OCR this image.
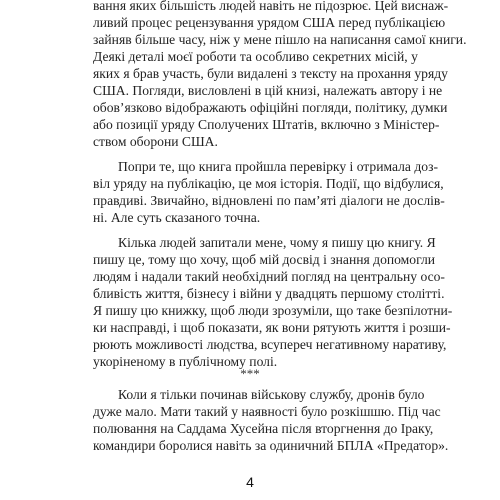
вання яких більшість людей навіть не підозрює. Цей виснаж-
ливий процес рецензування урядом США перед публікацією
зайняв більше часу, ніж у мене пішло на написання самої книги.
Деякі деталі моєї роботи та особливо секретних місій, у
яких я брав участь, були видалені з тексту на прохання уряду
США. Погляди, висловлені в цій книзі, належать автору і не
обов’язково відображають офіційні погляди, політику, думки
або позиції уряду Сполучених Штатів, включно з Міністер-
ством оборони США.
Попри те, що книга пройшла перевірку і отримала доз-
віл уряду на публікацію, це моя історія. Події, що відбулися,
правдиві. Звичайно, відновлені по пам’яті діалоги не дослів-
ні. Але суть сказаного точна.
Кілька людей запитали мене, чому я пишу цю книгу. Я
пишу це, тому що хочу, щоб мій досвід і знання допомогли
людям і надали такий необхідний погляд на центральну осо-
бливість життя, бізнесу і війни у двадцять першому столітті.
Я пишу цю книжку, щоб люди зрозуміли, що таке безпілотни-
ки насправді, і щоб показати, як вони рятують життя і розши-
рюють можливості людства, всупереч негативному наративу,
укоріненому в публічному полі.
***
Коли я тільки починав військову службу, дронів було
дуже мало. Мати такий у наявності було розкішшю. Під час
полювання на Саддама Хусейна після вторгнення до Іраку,
командири боролися навіть за одиничний БПЛА «Предатор».
4
